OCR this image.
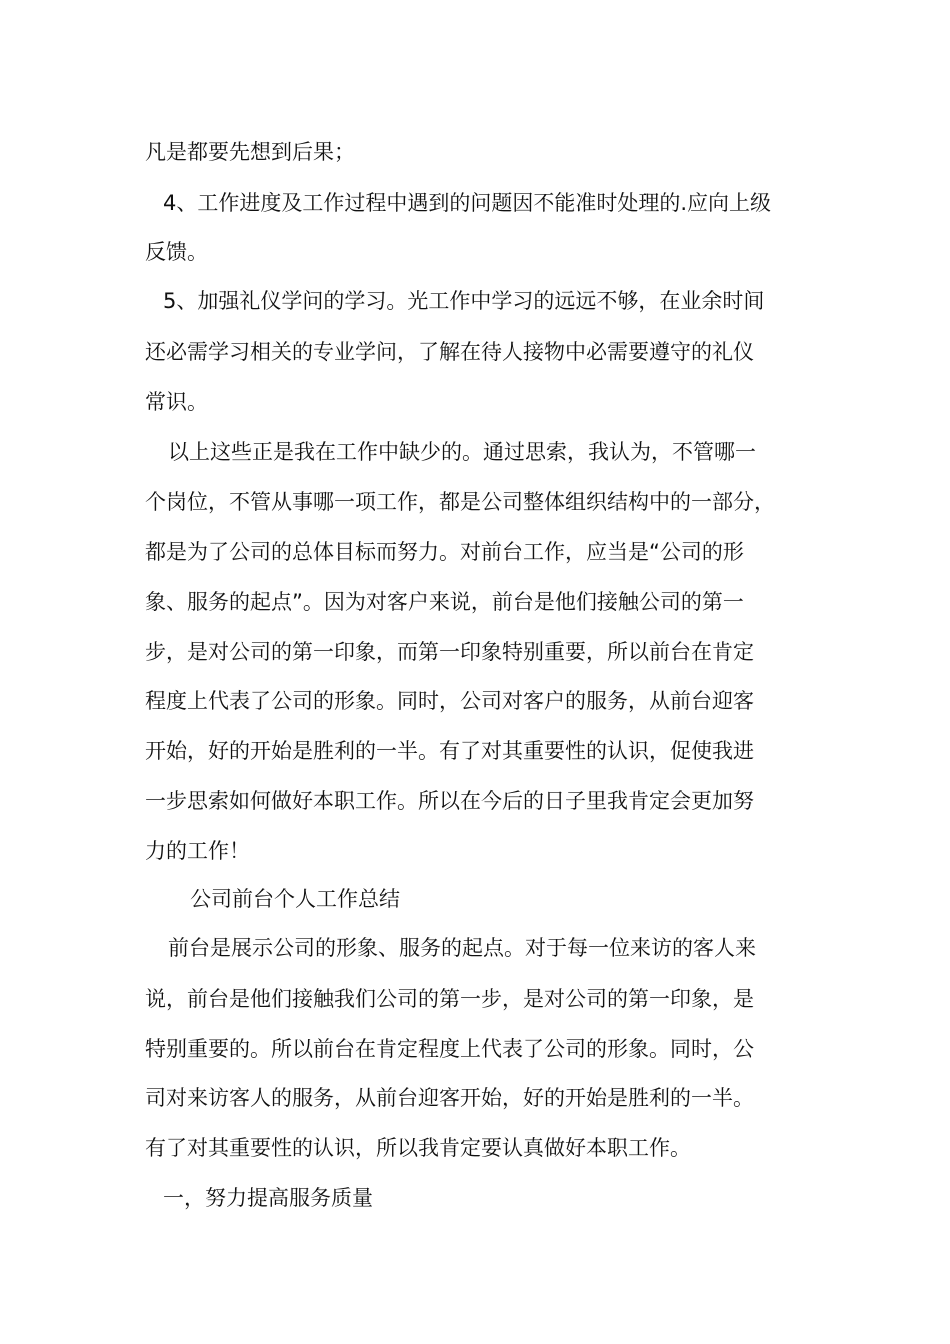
凡是都要先想到后果；

4、工作进度及工作过程中遇到的问题因不能准时处理的.应向上级

反馈。

5、加强礼仪学问的学习。光工作中学习的远远不够，在业余时间

还必需学习相关的专业学问，了解在待人接物中必需要遵守的礼仪

常识。

以上这些正是我在工作中缺少的。通过思索，我认为，不管哪一

个岗位，不管从事哪一项工作，都是公司整体组织结构中的一部分，

都是为了公司的总体目标而努力。对前台工作，应当是“公司的形

象、服务的起点”。因为对客户来说，前台是他们接触公司的第一

步，是对公司的第一印象，而第一印象特别重要，所以前台在肯定

程度上代表了公司的形象。同时，公司对客户的服务，从前台迎客

开始，好的开始是胜利的一半。有了对其重要性的认识，促使我进

一步思索如何做好本职工作。所以在今后的日子里我肯定会更加努

力的工作！

公司前台个人工作总结

前台是展示公司的形象、服务的起点。对于每一位来访的客人来

说，前台是他们接触我们公司的第一步，是对公司的第一印象，是

特别重要的。所以前台在肯定程度上代表了公司的形象。同时，公

司对来访客人的服务，从前台迎客开始，好的开始是胜利的一半。

有了对其重要性的认识，所以我肯定要认真做好本职工作。

一，努力提高服务质量
